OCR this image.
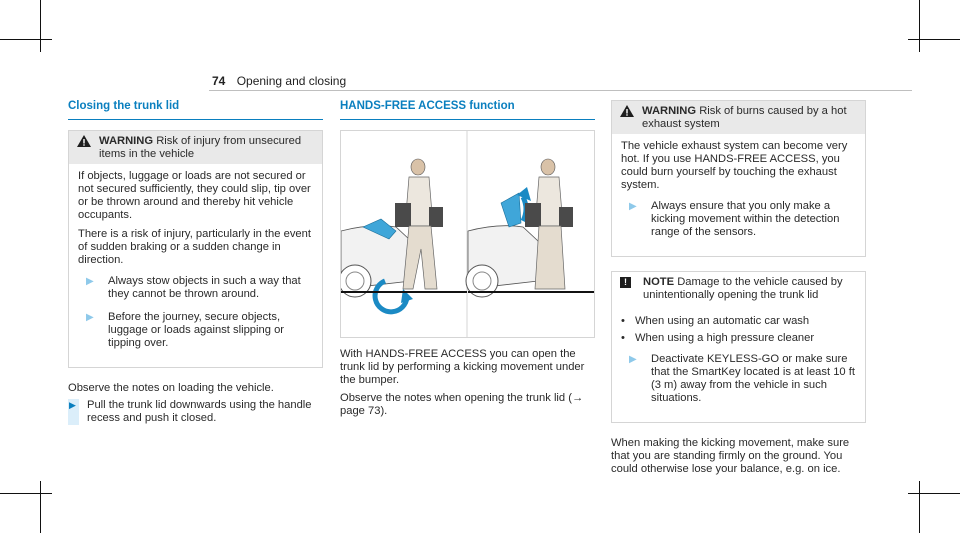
74 Opening and closing
Closing the trunk lid
WARNING Risk of injury from unsecured items in the vehicle

If objects, luggage or loads are not secured or not secured sufficiently, they could slip, tip over or be thrown around and thereby hit vehicle occupants.

There is a risk of injury, particularly in the event of sudden braking or a sudden change in direction.

▶	Always stow objects in such a way that they cannot be thrown around.
▶	Before the journey, secure objects, luggage or loads against slipping or tipping over.

Observe the notes on loading the vehicle.

▶ Pull the trunk lid downwards using the handle recess and push it closed.
HANDS-FREE ACCESS function

With HANDS-FREE ACCESS you can open the trunk lid by performing a kicking movement under the bumper.

Observe the notes when opening the trunk lid (→ page 73).

WARNING Risk of burns caused by a hot exhaust system

The vehicle exhaust system can become very hot. If you use HANDS-FREE ACCESS, you could burn yourself by touching the exhaust system.

▶	Always ensure that you only make a kicking movement within the detection range of the sensors.
!	NOTE Damage to the vehicle caused by unintentionally opening the trunk lid
• When using an automatic car wash
• When using a high pressure cleaner
▶	Deactivate KEYLESS-GO or make sure that the SmartKey located is at least 10 ft (3 m) away from the vehicle in such situations.

When making the kicking movement, make sure that you are standing firmly on the ground. You could otherwise lose your balance, e.g. on ice.
